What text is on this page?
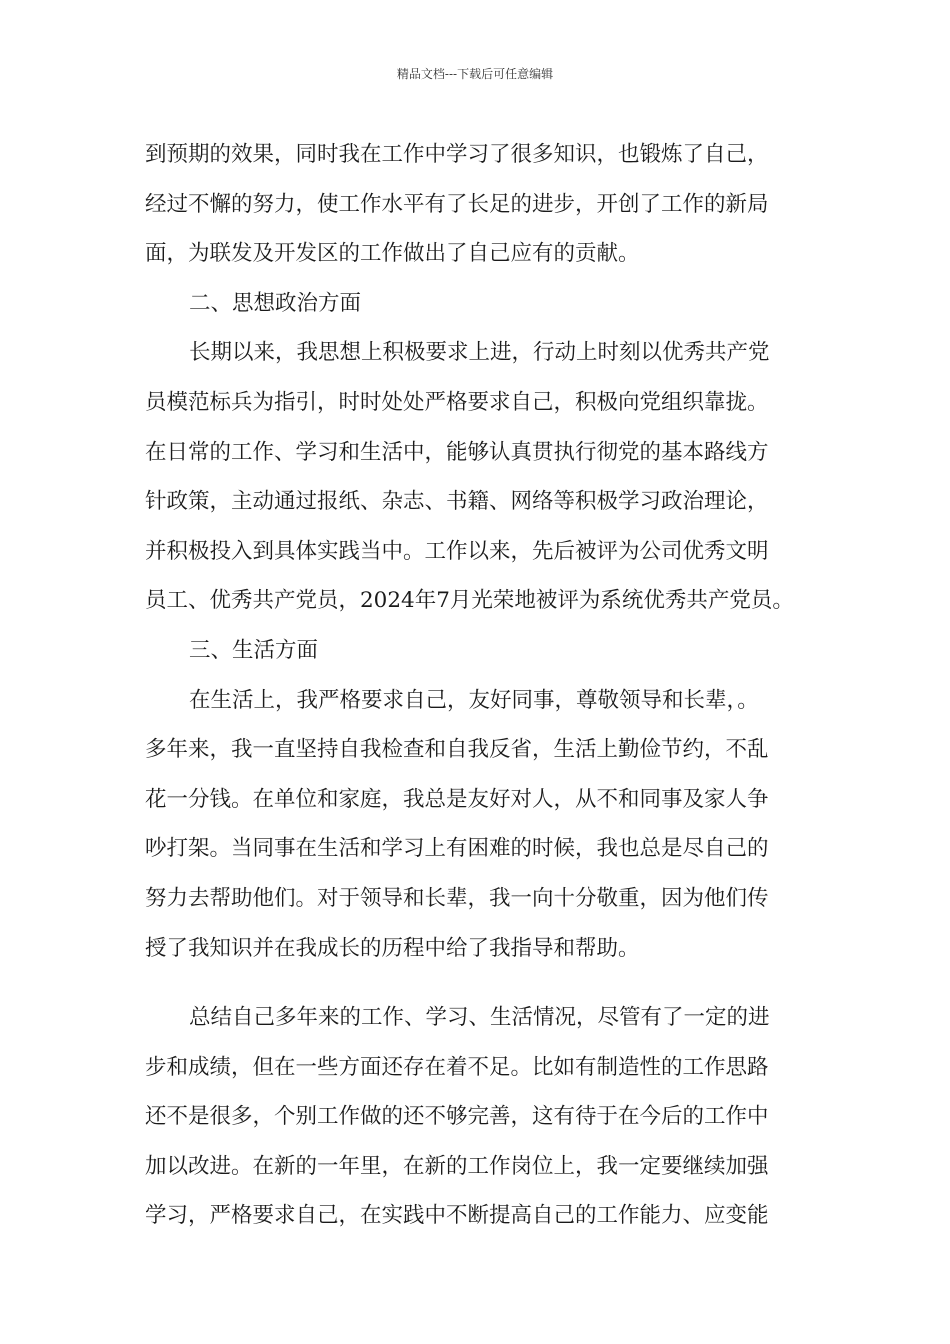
精品文档---下载后可任意编辑
到预期的效果，同时我在工作中学习了很多知识，也锻炼了自己，
经过不懈的努力，使工作水平有了长足的进步，开创了工作的新局
面，为联发及开发区的工作做出了自己应有的贡献。
二、思想政治方面
长期以来，我思想上积极要求上进，行动上时刻以优秀共产党
员模范标兵为指引，时时处处严格要求自己，积极向党组织靠拢。
在日常的工作、学习和生活中，能够认真贯执行彻党的基本路线方
针政策，主动通过报纸、杂志、书籍、网络等积极学习政治理论，
并积极投入到具体实践当中。工作以来，先后被评为公司优秀文明
员工、优秀共产党员，2024年7月光荣地被评为系统优秀共产党员。
三、生活方面
在生活上，我严格要求自己，友好同事，尊敬领导和长辈，。
多年来，我一直坚持自我检查和自我反省，生活上勤俭节约，不乱
花一分钱。在单位和家庭，我总是友好对人，从不和同事及家人争
吵打架。当同事在生活和学习上有困难的时候，我也总是尽自己的
努力去帮助他们。对于领导和长辈，我一向十分敬重，因为他们传
授了我知识并在我成长的历程中给了我指导和帮助。
总结自己多年来的工作、学习、生活情况，尽管有了一定的进
步和成绩，但在一些方面还存在着不足。比如有制造性的工作思路
还不是很多，个别工作做的还不够完善，这有待于在今后的工作中
加以改进。在新的一年里，在新的工作岗位上，我一定要继续加强
学习，严格要求自己，在实践中不断提高自己的工作能力、应变能
